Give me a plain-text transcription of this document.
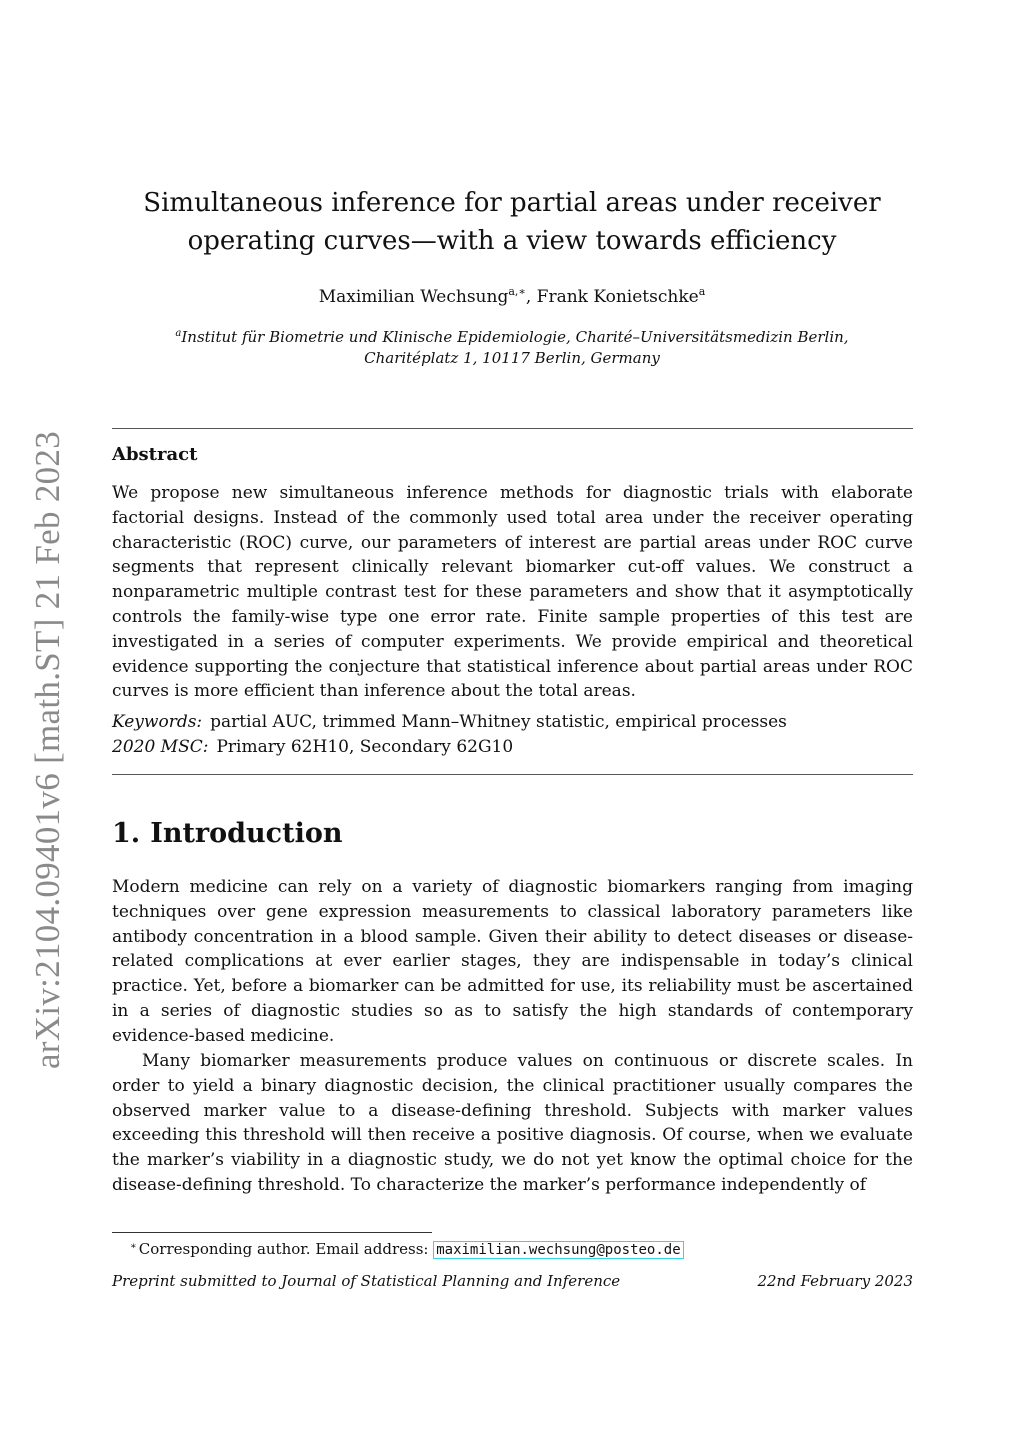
arXiv:2104.09401v6 [math.ST] 21 Feb 2023
Simultaneous inference for partial areas under receiver
operating curves—with a view towards efficiency
Maximilian Wechsung$^{a,∗}$, Frank Konietschke$^a$
$^a$Institut für Biometrie und Klinische Epidemiologie, Charité–Universitätsmedizin Berlin,
Charitéplatz 1, 10117 Berlin, Germany
Abstract

We propose new simultaneous inference methods for diagnostic trials with elaborate factorial designs. Instead of the commonly used total area under the receiver operating characteristic (ROC) curve, our parameters of interest are partial areas under ROC curve segments that represent clinically relevant biomarker cut-off values. We construct a nonparametric multiple contrast test for these parameters and show that it asymptotically controls the family-wise type one error rate. Finite sample properties of this test are investigated in a series of computer experiments. We provide empirical and theoretical evidence supporting the conjecture that statistical inference about partial areas under ROC curves is more efficient than inference about the total areas.

Keywords: partial AUC, trimmed Mann–Whitney statistic, empirical processes
2020 MSC: Primary 62H10, Secondary 62G10
1. Introduction

Modern medicine can rely on a variety of diagnostic biomarkers ranging from imaging techniques over gene expression measurements to classical laboratory parameters like antibody concentration in a blood sample. Given their ability to detect diseases or disease-related complications at ever earlier stages, they are indispensable in today’s clinical practice. Yet, before a biomarker can be admitted for use, its reliability must be ascertained in a series of diagnostic studies so as to satisfy the high standards of contemporary evidence-based medicine.

Many biomarker measurements produce values on continuous or discrete scales. In order to yield a binary diagnostic decision, the clinical practitioner usually compares the observed marker value to a disease-defining threshold. Subjects with marker values exceeding this threshold will then receive a positive diagnosis. Of course, when we evaluate the marker’s viability in a diagnostic study, we do not yet know the optimal choice for the disease-defining threshold. To characterize the marker’s performance independently of

∗ Corresponding author. Email address: maximilian.wechsung@posteo.de
Preprint submitted to Journal of Statistical Planning and Inference	22nd February 2023
